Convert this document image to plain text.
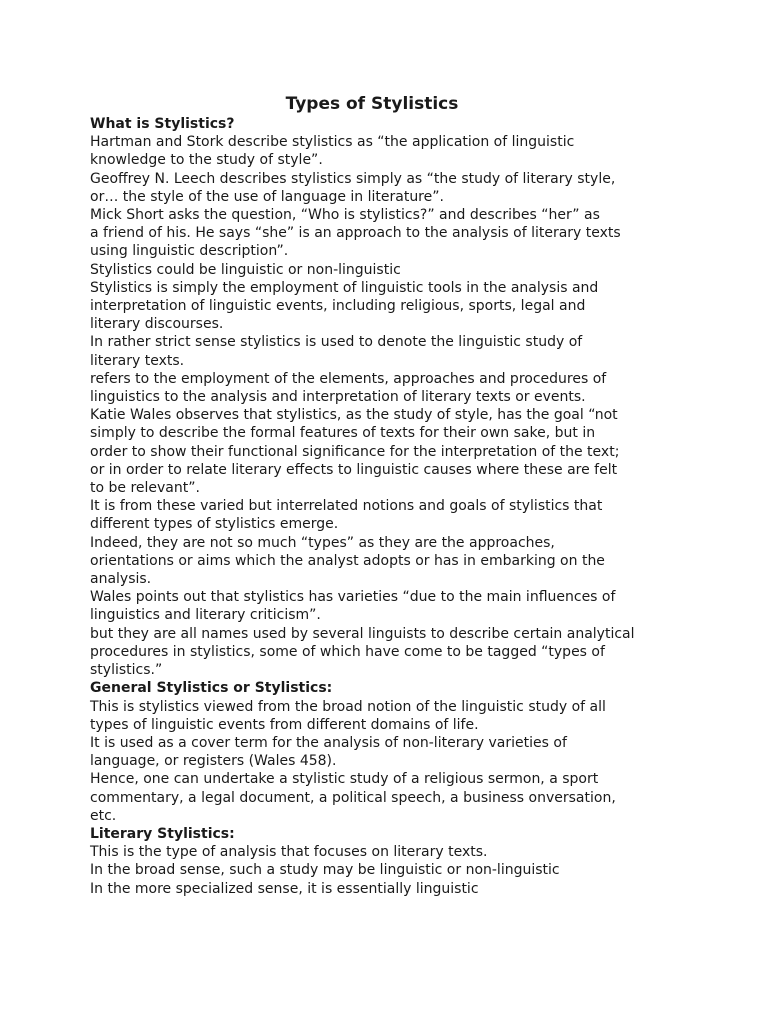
Types of Stylistics
What is Stylistics?
Hartman and Stork describe stylistics as “the application of linguistic
knowledge to the study of style”.
Geoffrey N. Leech describes stylistics simply as “the study of literary style,
or… the style of the use of language in literature”.
Mick Short asks the question, “Who is stylistics?” and describes “her” as
a friend of his. He says “she” is an approach to the analysis of literary texts
using linguistic description”.
Stylistics could be linguistic or non-linguistic
Stylistics is simply the employment of linguistic tools in the analysis and
interpretation of linguistic events, including religious, sports, legal and
literary discourses.
In rather strict sense stylistics is used to denote the linguistic study of
literary texts.
refers to the employment of the elements, approaches and procedures of
linguistics to the analysis and interpretation of literary texts or events.
Katie Wales observes that stylistics, as the study of style, has the goal “not
simply to describe the formal features of texts for their own sake, but in
order to show their functional significance for the interpretation of the text;
or in order to relate literary effects to linguistic causes where these are felt
to be relevant”.
It is from these varied but interrelated notions and goals of stylistics that
different types of stylistics emerge.
Indeed, they are not so much “types” as they are the approaches,
orientations or aims which the analyst adopts or has in embarking on the
analysis.
Wales points out that stylistics has varieties “due to the main influences of
linguistics and literary criticism”.
but they are all names used by several linguists to describe certain analytical
procedures in stylistics, some of which have come to be tagged “types of
stylistics.”
General Stylistics or Stylistics:
This is stylistics viewed from the broad notion of the linguistic study of all
types of linguistic events from different domains of life.
It is used as a cover term for the analysis of non-literary varieties of
language, or registers (Wales 458).
Hence, one can undertake a stylistic study of a religious sermon, a sport
commentary, a legal document, a political speech, a business onversation,
etc.
Literary Stylistics:
This is the type of analysis that focuses on literary texts.
In the broad sense, such a study may be linguistic or non-linguistic
In the more specialized sense, it is essentially linguistic
